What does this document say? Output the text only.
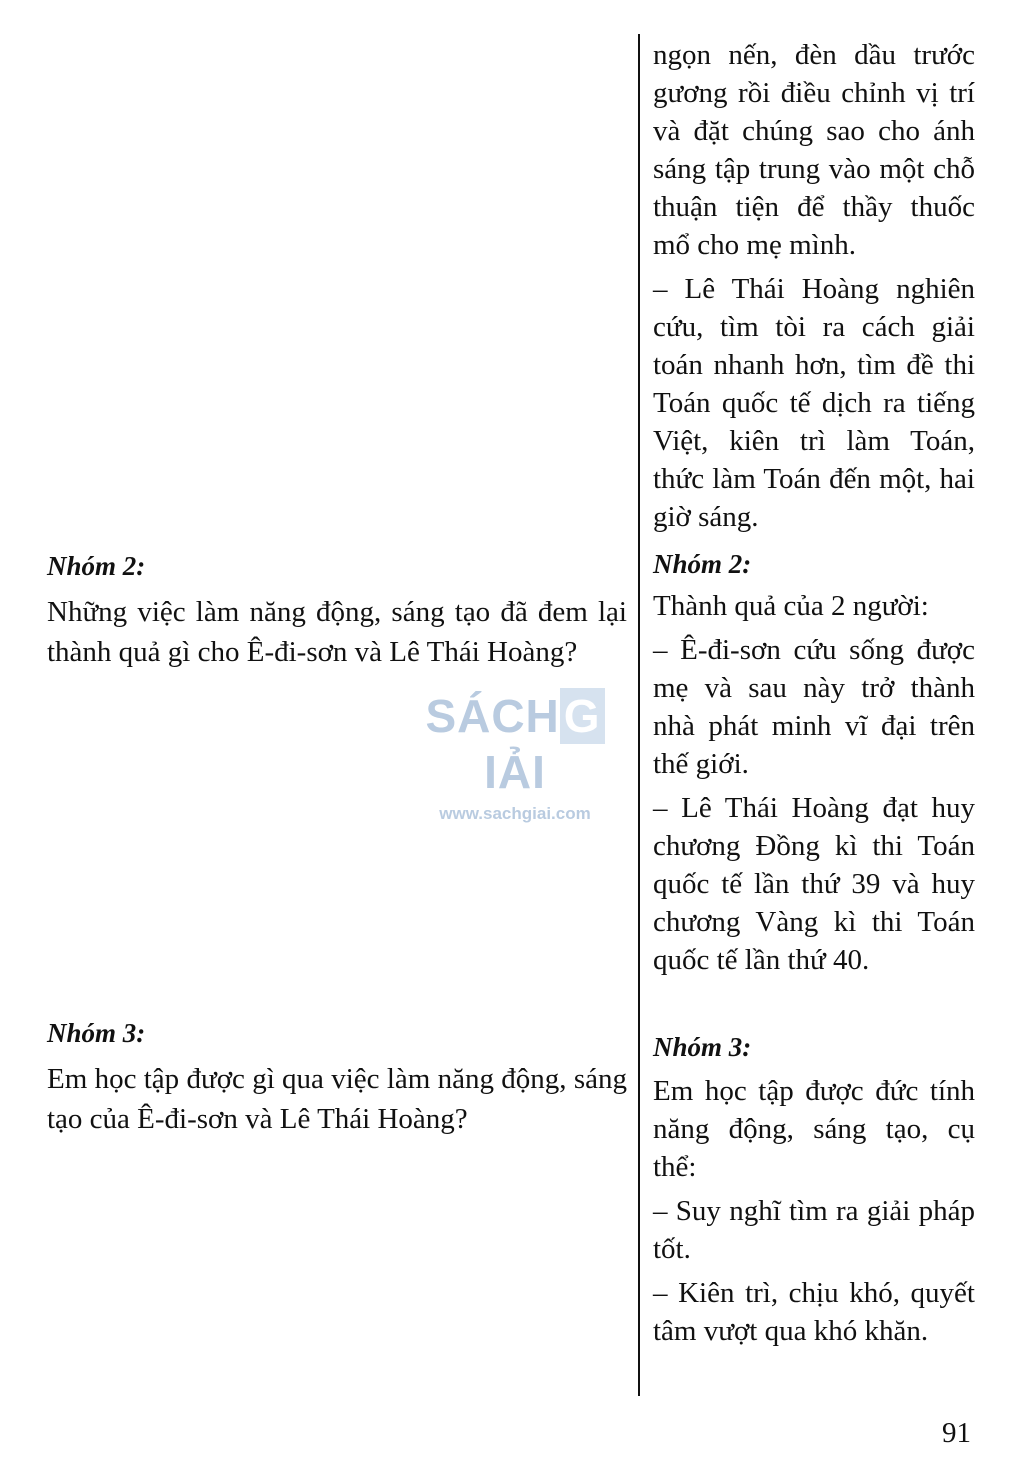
Nhóm 2:
Những việc làm năng động, sáng tạo đã đem lại thành quả gì cho Ê-đi-sơn và Lê Thái Hoàng?
Nhóm 3:
Em học tập được gì qua việc làm năng động, sáng tạo của Ê-đi-sơn và Lê Thái Hoàng?
ngọn nến, đèn dầu trước gương rồi điều chỉnh vị trí và đặt chúng sao cho ánh sáng tập trung vào một chỗ thuận tiện để thầy thuốc mổ cho mẹ mình.
– Lê Thái Hoàng nghiên cứu, tìm tòi ra cách giải toán nhanh hơn, tìm đề thi Toán quốc tế dịch ra tiếng Việt, kiên trì làm Toán, thức làm Toán đến một, hai giờ sáng.
Nhóm 2:
Thành quả của 2 người:
– Ê-đi-sơn cứu sống được mẹ và sau này trở thành nhà phát minh vĩ đại trên thế giới.
– Lê Thái Hoàng đạt huy chương Đồng kì thi Toán quốc tế lần thứ 39 và huy chương Vàng kì thi Toán quốc tế lần thứ 40.
Nhóm 3:
Em học tập được đức tính năng động, sáng tạo, cụ thể:
– Suy nghĩ tìm ra giải pháp tốt.
– Kiên trì, chịu khó, quyết tâm vượt qua khó khăn.
SÁCHGIẢI
www.sachgiai.com
91
